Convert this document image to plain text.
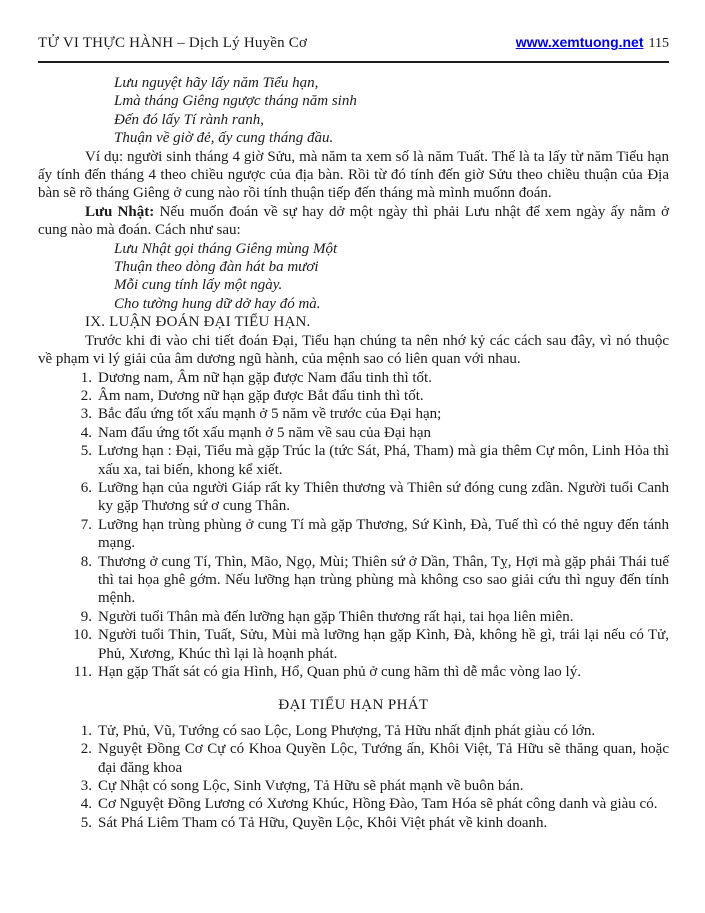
TỬ VI THỰC HÀNH – Dịch Lý Huyền Cơ	www.xemtuong.net 115
Lưu nguyệt hãy lấy năm Tiểu hạn,
Lmà tháng Giêng ngược tháng năm sinh
Đến đó lấy Tí rành ranh,
Thuận về giờ đẻ, ấy cung tháng đầu.

Ví dụ: người sinh tháng 4 giờ Sửu, mà năm ta xem số là năm Tuất. Thế là ta lấy từ năm Tiểu hạn ấy tính đến tháng 4 theo chiều ngược của địa bàn. Rồi từ đó tính đến giờ Sửu theo chiều thuận của Địa bàn sẽ rõ tháng Giêng ở cung nào rồi tính thuận tiếp đến tháng mà mình muốnn đoán.

Lưu Nhật: Nếu muốn đoán về sự hay dở một ngày thì phải Lưu nhật để xem ngày ấy nằm ở cung nào mà đoán. Cách như sau:

Lưu Nhật gọi tháng Giêng mùng Một
Thuận theo dòng đàn hát ba mươi
Mỗi cung tính lấy một ngày.
Cho tường hung dữ dở hay đó mà.
IX. LUẬN ĐOÁN ĐẠI TIỂU HẠN.

Trước khi đi vào chi tiết đoán Đại, Tiểu hạn chúng ta nên nhớ kỷ các cách sau đây, vì nó thuộc về phạm vi lý giải của âm dương ngũ hành, của mệnh sao có liên quan với nhau.

1. Dương nam, Âm nữ hạn gặp được Nam đẩu tinh thì tốt.
2. Âm nam, Dương nữ hạn gặp được Bắt đẩu tinh thì tốt.
3. Bắc đẩu ứng tốt xấu mạnh ở 5 năm về trước của Đại hạn;
4. Nam đẩu ứng tốt xấu mạnh ở 5 năm về sau của Đại hạn
5. Lương hạn : Đại, Tiểu mà gặp Trúc la (tức Sát, Phá, Tham) mà gia thêm Cự môn, Linh Hỏa thì xấu xa, tai biến, khong kể xiết.
6. Lưỡng hạn của người Giáp rất ky Thiên thương và Thiên sứ đóng cung zdần. Người tuổi Canh ky gặp Thương sứ ơ cung Thân.
7. Lưỡng hạn trùng phùng ở cung Tí mà gặp Thương, Sứ Kình, Đà, Tuế thì có thẻ nguy đến tánh mạng.
8. Thương ở cung Tí, Thìn, Mão, Ngọ, Mùi; Thiên sứ ở Dần, Thân, Tỵ, Hợi mà gặp phải Thái tuế thì tai họa ghê gớm. Nếu lưỡng hạn trùng phùng mà không cso sao giải cứu thì nguy đến tính mệnh.
9. Người tuổi Thân mà đến lưỡng hạn gặp Thiên thương rất hại, tai họa liên miên.
10. Người tuổi Thin, Tuất, Sửu, Mùi mà lưỡng hạn gặp Kình, Đà, không hề gì, trái lại nếu có Tử, Phủ, Xương, Khúc thì lại là hoạnh phát.
11. Hạn gặp Thất sát có gia Hình, Hổ, Quan phủ ở cung hãm thì dễ mắc vòng lao lý.
ĐẠI TIỂU HẠN PHÁT
1. Tử, Phủ, Vũ, Tướng có sao Lộc, Long Phượng, Tả Hữu nhất định phát giàu có lớn.
2. Nguyệt Đồng Cơ Cự có Khoa Quyền Lộc, Tướng ấn, Khôi Việt, Tả Hữu sẽ thăng quan, hoặc đại đăng khoa
3. Cự Nhật có song Lộc, Sinh Vượng, Tả Hữu sẽ phát mạnh về buôn bán.
4. Cơ Nguyệt Đồng Lương có Xương Khúc, Hồng Đào, Tam Hóa sẽ phát công danh và giàu có.
5. Sát Phá Liêm Tham có Tả Hữu, Quyền Lộc, Khôi Việt phát về kinh doanh.
